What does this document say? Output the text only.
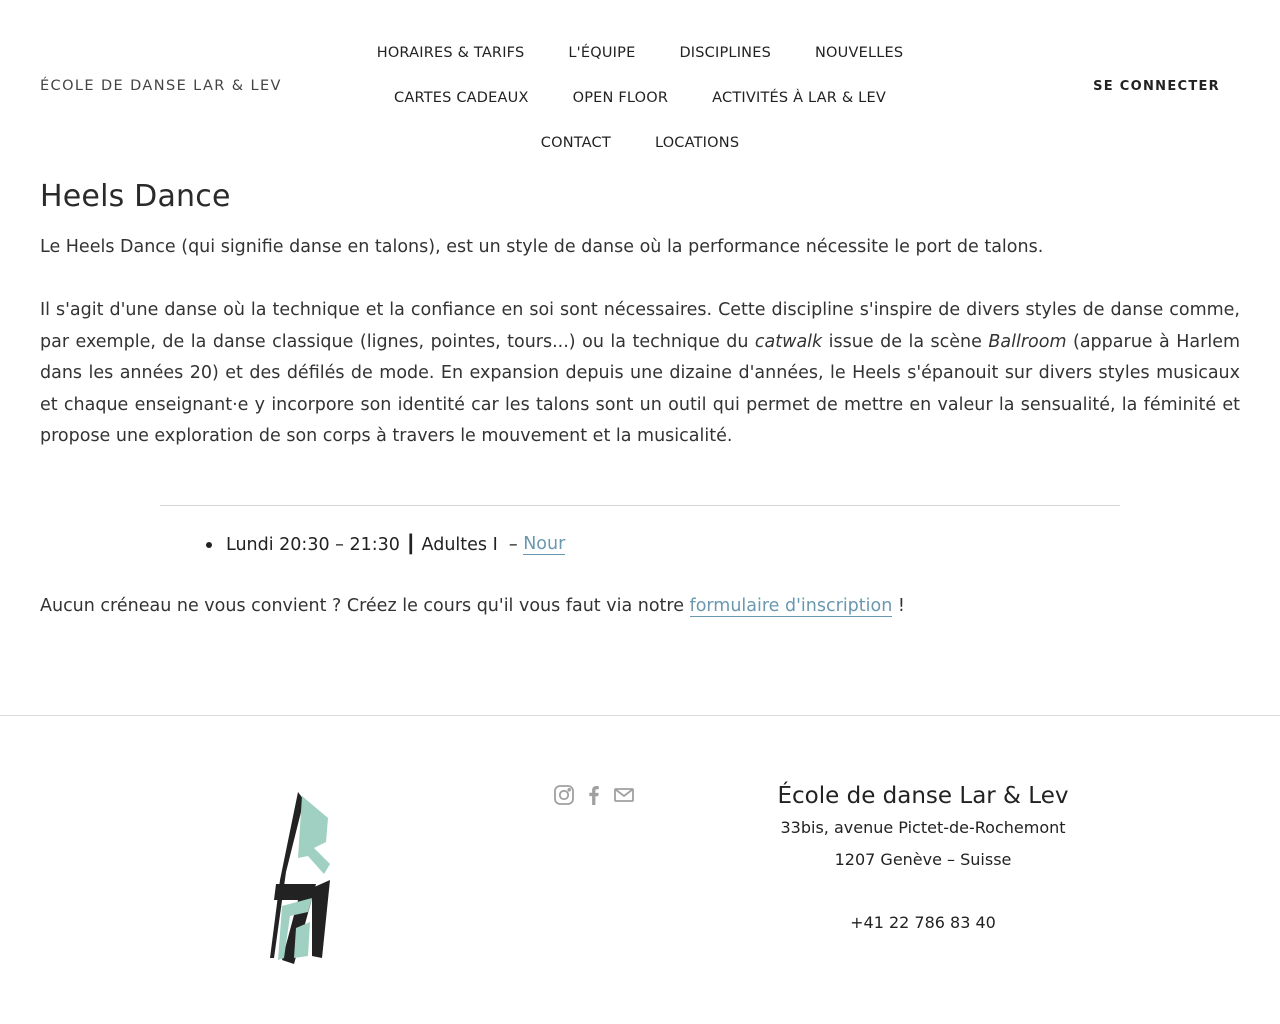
ÉCOLE DE DANSE LAR & LEV
HORAIRES & TARIFS	L'ÉQUIPE	DISCIPLINES	NOUVELLES
CARTES CADEAUX	OPEN FLOOR	ACTIVITÉS À LAR & LEV
CONTACT	LOCATIONS
SE CONNECTER
Heels Dance

Le Heels Dance (qui signifie danse en talons), est un style de danse où la performance nécessite le port de talons.

Il s'agit d'une danse où la technique et la confiance en soi sont nécessaires. Cette discipline s'inspire de divers styles de danse comme, par exemple, de la danse classique (lignes, pointes, tours...) ou la technique du catwalk issue de la scène Ballroom (apparue à Harlem dans les années 20) et des défilés de mode. En expansion depuis une dizaine d'années, le Heels s'épanouit sur divers styles musicaux et chaque enseignant·e y incorpore son identité car les talons sont un outil qui permet de mettre en valeur la sensualité, la féminité et propose une exploration de son corps à travers le mouvement et la musicalité.

Lundi 20:30 – 21:30 ┃ Adultes I  – Nour

Aucun créneau ne vous convient ? Créez le cours qu'il vous faut via notre formulaire d'inscription !

École de danse Lar & Lev

33bis, avenue Pictet-de-Rochemont

1207 Genève – Suisse

+41 22 786 83 40
